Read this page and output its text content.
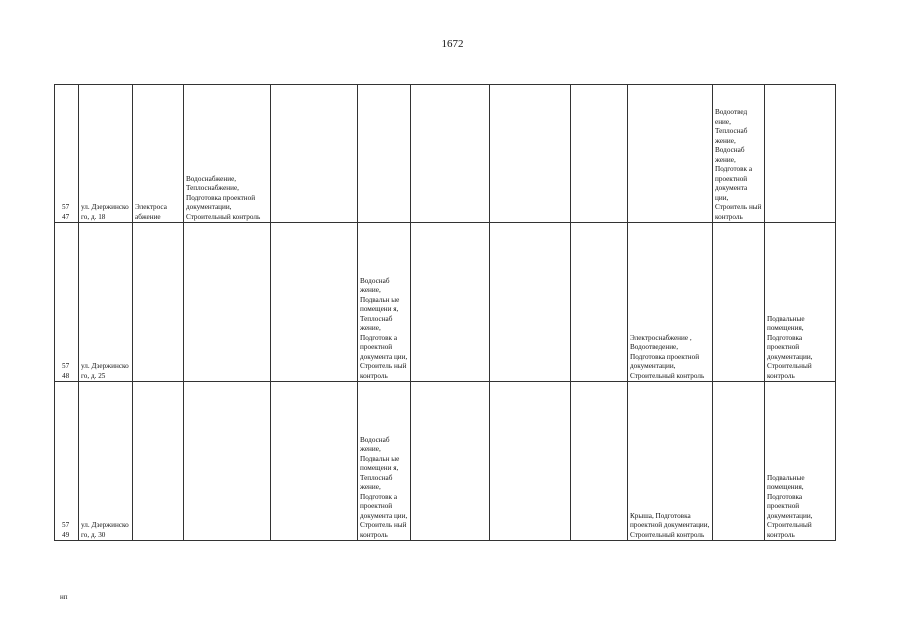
1672
57
47	ул. Дзержинско го, д. 18	Электроса абжение	Водоснабжение, Теплоснабжение, Подготовка проектной документации, Строительный контроль							Водоотвед ение, Теплоснаб жение, Водоснаб жение, Подготовк а проектной документа ции, Строитель ный контроль	

57
48	ул. Дзержинско го, д. 25				Водоснаб жение, Подвальн ые помещени я, Теплоснаб жение, Подготовк а проектной документа ции, Строитель ный контроль				Электроснабжение , Водоотведение, Подготовка проектной документации, Строительный контроль		Подвальные помещения, Подготовка проектной документации, Строительный контроль

57
49	ул. Дзержинско го, д. 30				Водоснаб жение, Подвальн ые помещени я, Теплоснаб жение, Подготовк а проектной документа ции, Строитель ный контроль				Крыша, Подготовка проектной документации, Строительный контроль		Подвальные помещения, Подготовка проектной документации, Строительный контроль
нп
